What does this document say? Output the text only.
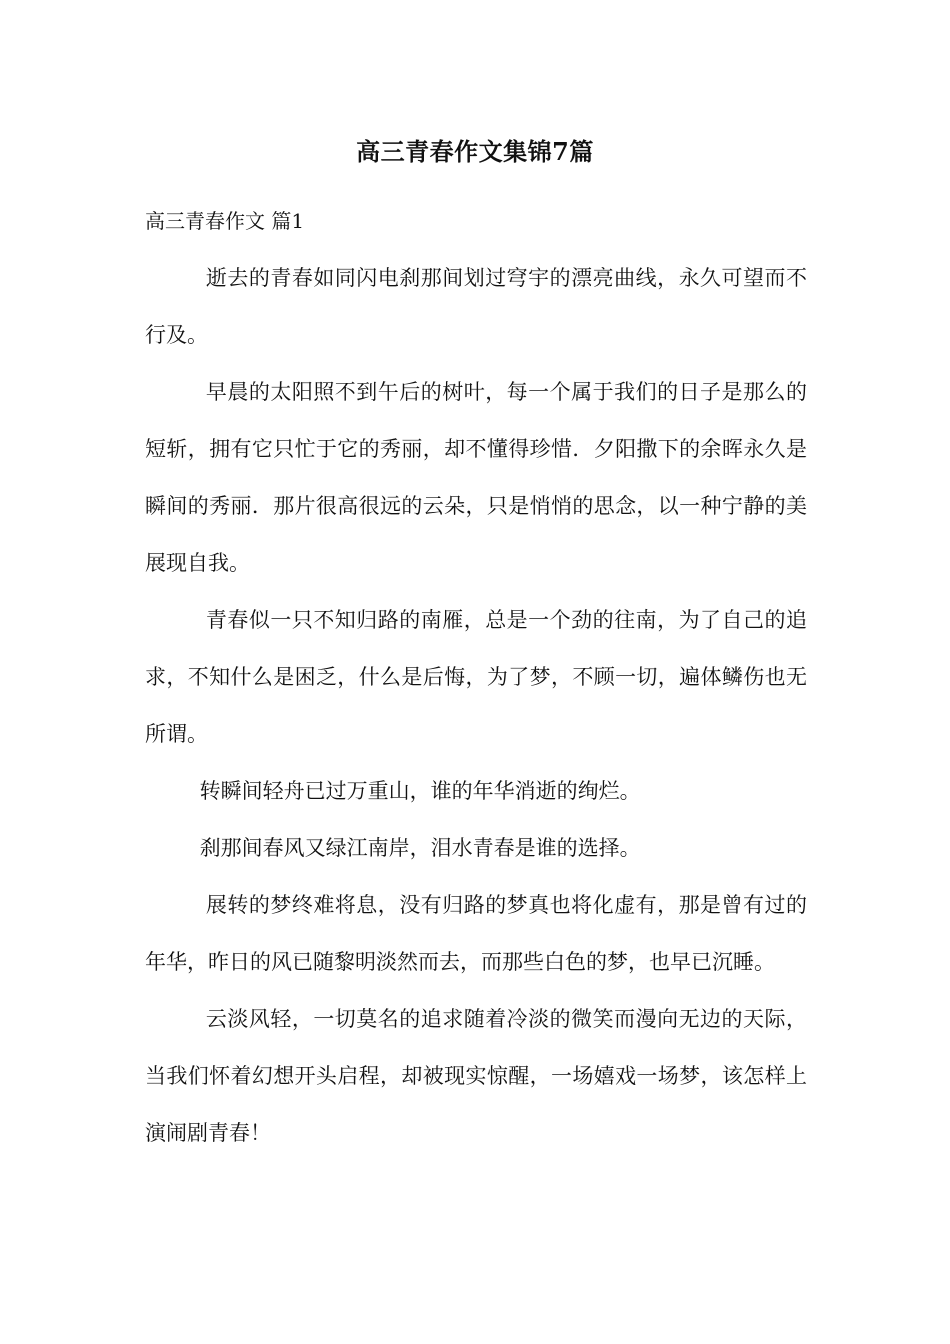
高三青春作文集锦7篇
高三青春作文 篇1

逝去的青春如同闪电刹那间划过穹宇的漂亮曲线，永久可望而不行及。

早晨的太阳照不到午后的树叶，每一个属于我们的日子是那么的短斩，拥有它只忙于它的秀丽，却不懂得珍惜．夕阳撒下的余晖永久是瞬间的秀丽．那片很高很远的云朵，只是悄悄的思念，以一种宁静的美展现自我。

青春似一只不知归路的南雁，总是一个劲的往南，为了自己的追求，不知什么是困乏，什么是后悔，为了梦，不顾一切，遍体鳞伤也无所谓。

转瞬间轻舟已过万重山，谁的年华消逝的绚烂。

刹那间春风又绿江南岸，泪水青春是谁的选择。

展转的梦终难将息，没有归路的梦真也将化虚有，那是曾有过的年华，昨日的风已随黎明淡然而去，而那些白色的梦，也早已沉睡。

云淡风轻，一切莫名的追求随着冷淡的微笑而漫向无边的天际，当我们怀着幻想开头启程，却被现实惊醒，一场嬉戏一场梦，该怎样上演闹剧青春！
